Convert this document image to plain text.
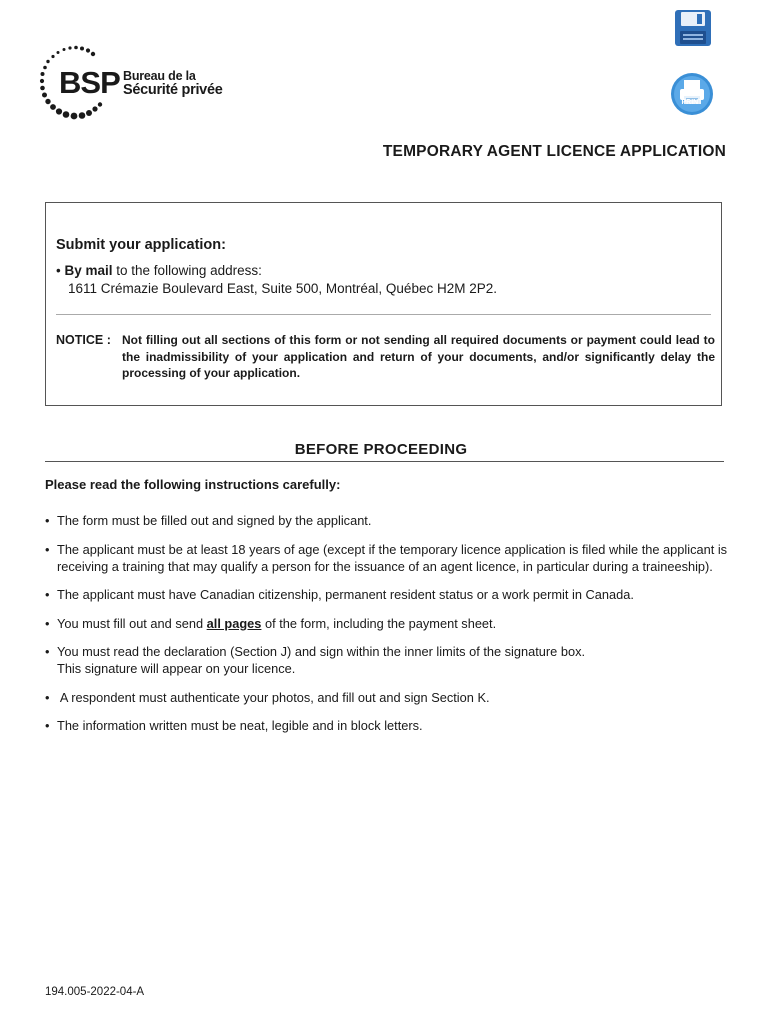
BSP Bureau de la
Sécurité privée
PRINT
TEMPORARY AGENT LICENCE APPLICATION
Submit your application:
• By mail to the following address:
1611 Crémazie Boulevard East, Suite 500, Montréal, Québec H2M 2P2.
NOTICE : Not filling out all sections of this form or not sending all required documents or payment could lead to the inadmissibility of your application and return of your documents, and/or significantly delay the processing of your application.
BEFORE PROCEEDING
Please read the following instructions carefully:
• The form must be filled out and signed by the applicant.
• The applicant must be at least 18 years of age (except if the temporary licence application is filed while the applicant is receiving a training that may qualify a person for the issuance of an agent licence, in particular during a traineeship).
• The applicant must have Canadian citizenship, permanent resident status or a work permit in Canada.
• You must fill out and send all pages of the form, including the payment sheet.
• You must read the declaration (Section J) and sign within the inner limits of the signature box.
This signature will appear on your licence.
• A respondent must authenticate your photos, and fill out and sign Section K.
• The information written must be neat, legible and in block letters.
194.005-2022-04-A
